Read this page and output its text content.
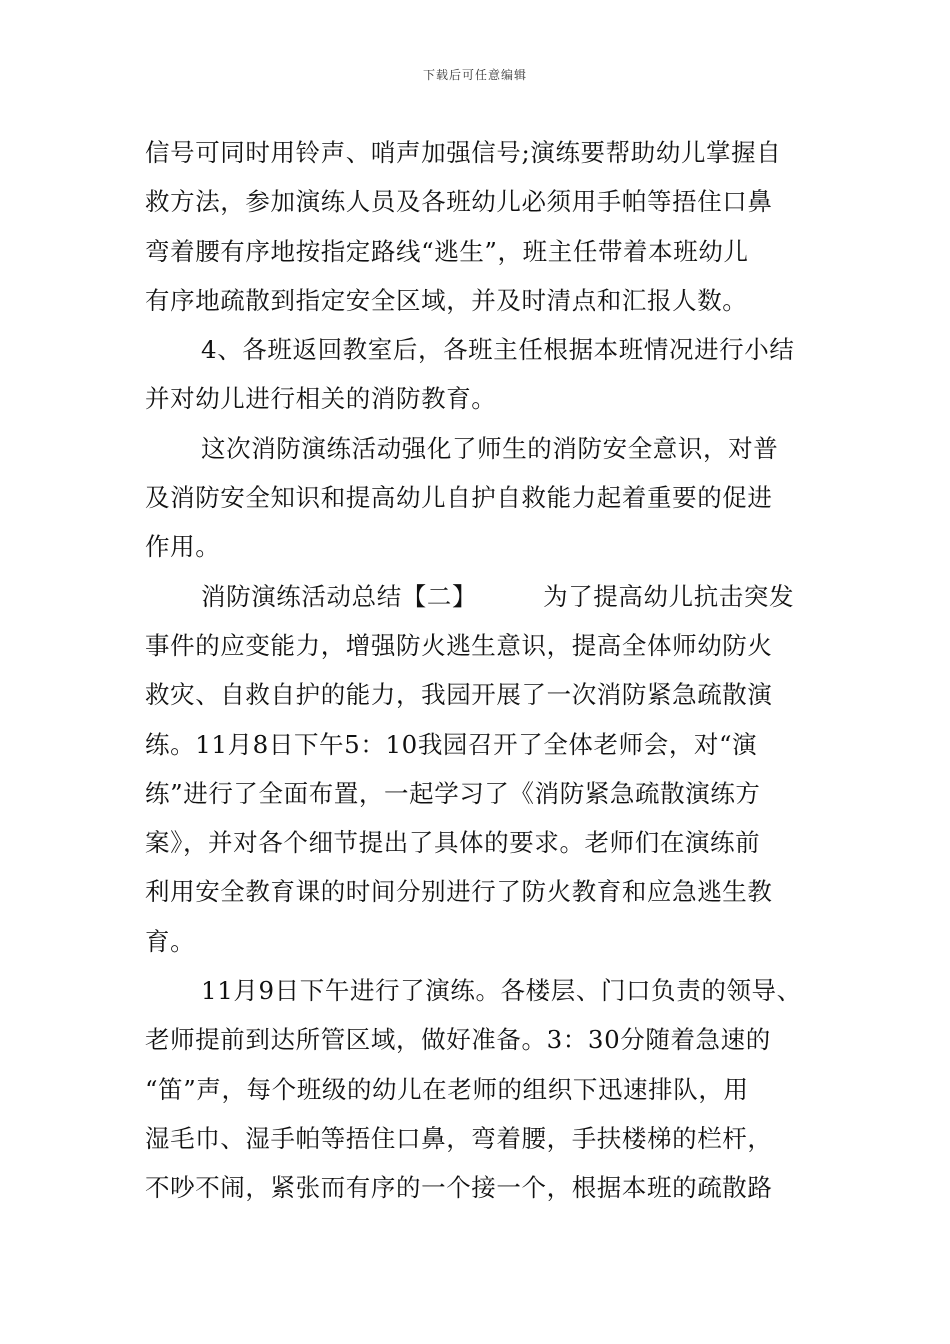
下载后可任意编辑
信号可同时用铃声、哨声加强信号;演练要帮助幼儿掌握自
救方法，参加演练人员及各班幼儿必须用手帕等捂住口鼻
弯着腰有序地按指定路线“逃生”，班主任带着本班幼儿
有序地疏散到指定安全区域，并及时清点和汇报人数。
4、各班返回教室后，各班主任根据本班情况进行小结
并对幼儿进行相关的消防教育。
这次消防演练活动强化了师生的消防安全意识，对普
及消防安全知识和提高幼儿自护自救能力起着重要的促进
作用。
消防演练活动总结【二】	为了提高幼儿抗击突发
事件的应变能力，增强防火逃生意识，提高全体师幼防火
救灾、自救自护的能力，我园开展了一次消防紧急疏散演
练。11月8日下午5：10我园召开了全体老师会，对“演
练”进行了全面布置，一起学习了《消防紧急疏散演练方
案》，并对各个细节提出了具体的要求。老师们在演练前
利用安全教育课的时间分别进行了防火教育和应急逃生教
育。
11月9日下午进行了演练。各楼层、门口负责的领导、
老师提前到达所管区域，做好准备。3：30分随着急速的
“笛”声，每个班级的幼儿在老师的组织下迅速排队，用
湿毛巾、湿手帕等捂住口鼻，弯着腰，手扶楼梯的栏杆，
不吵不闹，紧张而有序的一个接一个，根据本班的疏散路
